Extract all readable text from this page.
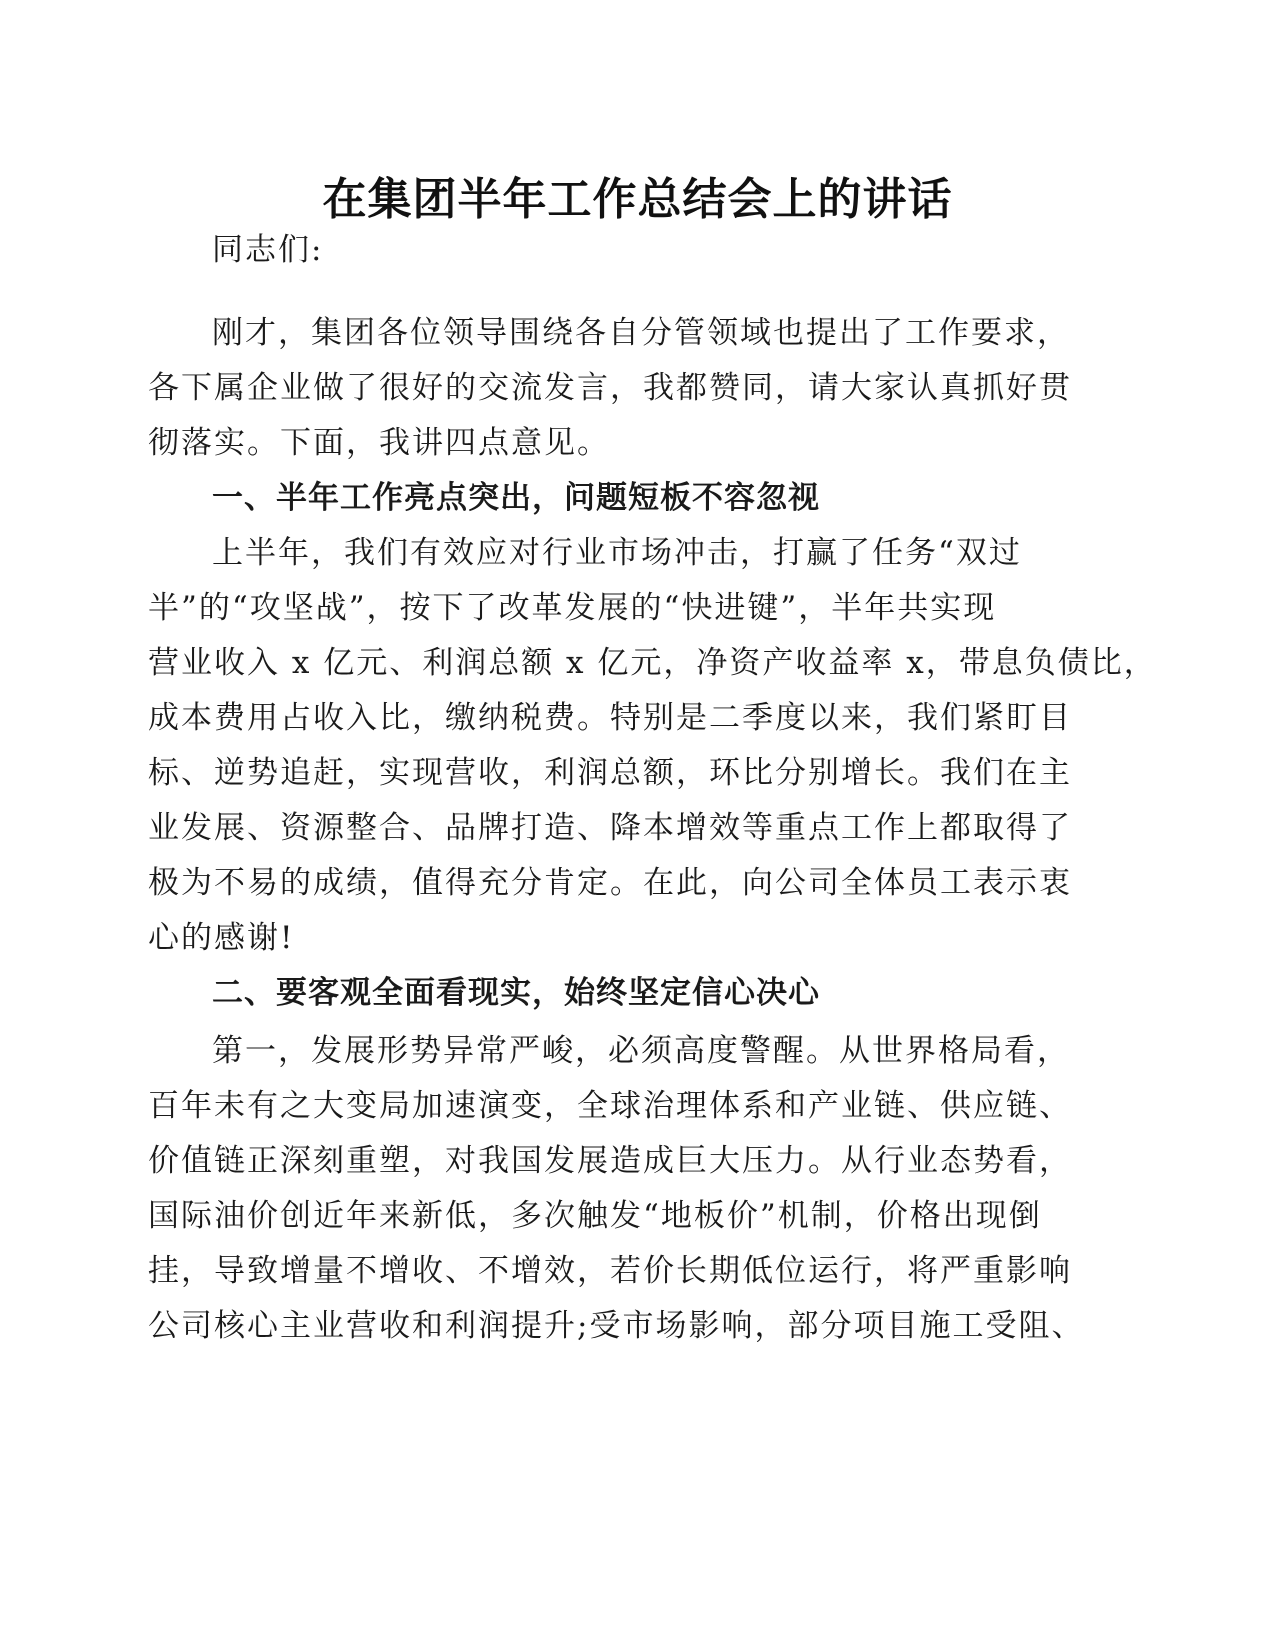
在集团半年工作总结会上的讲话
同志们:
刚才，集团各位领导围绕各自分管领域也提出了工作要求，
各下属企业做了很好的交流发言，我都赞同，请大家认真抓好贯
彻落实。下面，我讲四点意见。
一、半年工作亮点突出，问题短板不容忽视
上半年，我们有效应对行业市场冲击，打赢了任务“双过
半”的“攻坚战”，按下了改革发展的“快进键”，半年共实现
营业收入 x 亿元、利润总额 x 亿元，净资产收益率 x，带息负债比，
成本费用占收入比，缴纳税费。特别是二季度以来，我们紧盯目
标、逆势追赶，实现营收，利润总额，环比分别增长。我们在主
业发展、资源整合、品牌打造、降本增效等重点工作上都取得了
极为不易的成绩，值得充分肯定。在此，向公司全体员工表示衷
心的感谢!
二、要客观全面看现实，始终坚定信心决心
第一，发展形势异常严峻，必须高度警醒。从世界格局看，
百年未有之大变局加速演变，全球治理体系和产业链、供应链、
价值链正深刻重塑，对我国发展造成巨大压力。从行业态势看，
国际油价创近年来新低，多次触发“地板价”机制，价格出现倒
挂，导致增量不增收、不增效，若价长期低位运行，将严重影响
公司核心主业营收和利润提升;受市场影响，部分项目施工受阻、
